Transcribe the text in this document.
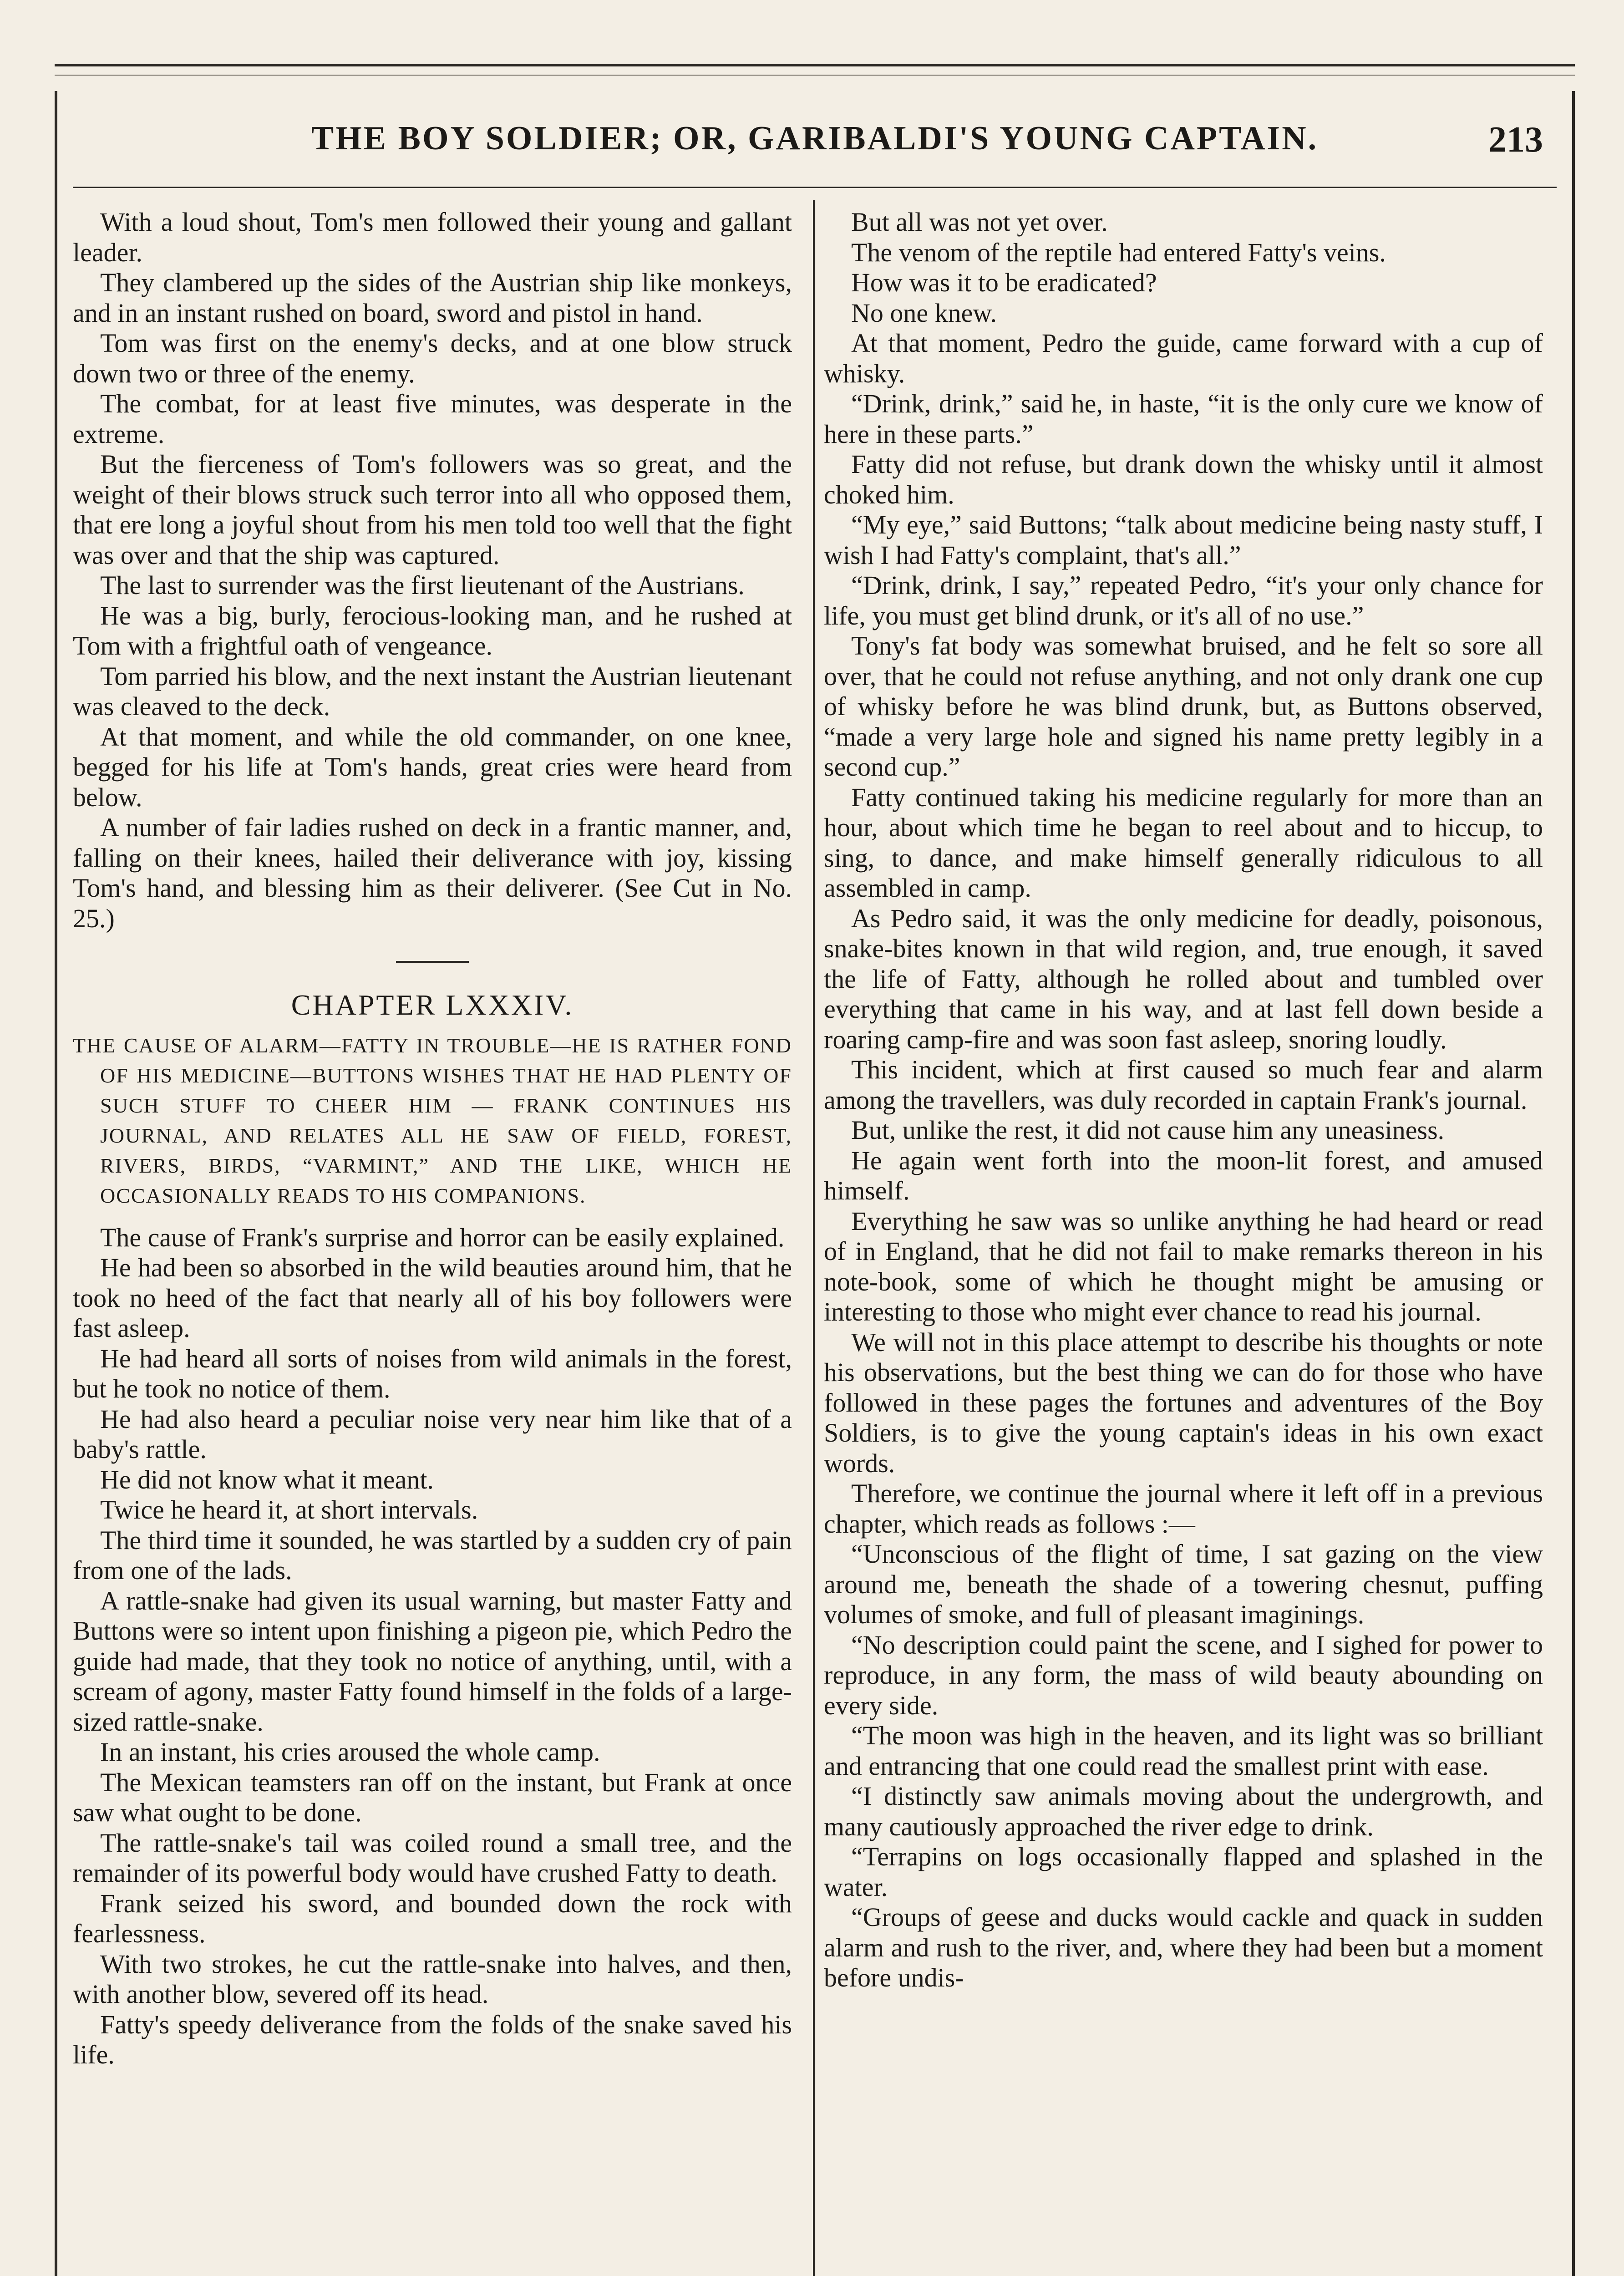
THE BOY SOLDIER; OR, GARIBALDI'S YOUNG CAPTAIN.	213

With a loud shout, Tom's men followed their young and gallant leader.

They clambered up the sides of the Austrian ship like monkeys, and in an instant rushed on board, sword and pistol in hand.

Tom was first on the enemy's decks, and at one blow struck down two or three of the enemy.

The combat, for at least five minutes, was desperate in the extreme.

But the fierceness of Tom's followers was so great, and the weight of their blows struck such terror into all who opposed them, that ere long a joyful shout from his men told too well that the fight was over and that the ship was captured.

The last to surrender was the first lieutenant of the Austrians.

He was a big, burly, ferocious-looking man, and he rushed at Tom with a frightful oath of vengeance.

Tom parried his blow, and the next instant the Austrian lieutenant was cleaved to the deck.

At that moment, and while the old commander, on one knee, begged for his life at Tom's hands, great cries were heard from below.

A number of fair ladies rushed on deck in a frantic manner, and, falling on their knees, hailed their deliverance with joy, kissing Tom's hand, and blessing him as their deliverer. (See Cut in No. 25.)

CHAPTER LXXXIV.
THE CAUSE OF ALARM—FATTY IN TROUBLE—HE IS RATHER FOND OF HIS MEDICINE—BUTTONS WISHES THAT HE HAD PLENTY OF SUCH STUFF TO CHEER HIM — FRANK CONTINUES HIS JOURNAL, AND RELATES ALL HE SAW OF FIELD, FOREST, RIVERS, BIRDS, “VARMINT,” AND THE LIKE, WHICH HE OCCASIONALLY READS TO HIS COMPANIONS.

The cause of Frank's surprise and horror can be easily explained.

He had been so absorbed in the wild beauties around him, that he took no heed of the fact that nearly all of his boy followers were fast asleep.

He had heard all sorts of noises from wild animals in the forest, but he took no notice of them.

He had also heard a peculiar noise very near him like that of a baby's rattle.

He did not know what it meant.

Twice he heard it, at short intervals.

The third time it sounded, he was startled by a sudden cry of pain from one of the lads.

A rattle-snake had given its usual warning, but master Fatty and Buttons were so intent upon finishing a pigeon pie, which Pedro the guide had made, that they took no notice of anything, until, with a scream of agony, master Fatty found himself in the folds of a large-sized rattle-snake.

In an instant, his cries aroused the whole camp.

The Mexican teamsters ran off on the instant, but Frank at once saw what ought to be done.

The rattle-snake's tail was coiled round a small tree, and the remainder of its powerful body would have crushed Fatty to death.

Frank seized his sword, and bounded down the rock with fearlessness.

With two strokes, he cut the rattle-snake into halves, and then, with another blow, severed off its head.

Fatty's speedy deliverance from the folds of the snake saved his life.

But all was not yet over.

The venom of the reptile had entered Fatty's veins.

How was it to be eradicated?

No one knew.

At that moment, Pedro the guide, came forward with a cup of whisky.

“Drink, drink,” said he, in haste, “it is the only cure we know of here in these parts.”

Fatty did not refuse, but drank down the whisky until it almost choked him.

“My eye,” said Buttons; “talk about medicine being nasty stuff, I wish I had Fatty's complaint, that's all.”

“Drink, drink, I say,” repeated Pedro, “it's your only chance for life, you must get blind drunk, or it's all of no use.”

Tony's fat body was somewhat bruised, and he felt so sore all over, that he could not refuse anything, and not only drank one cup of whisky before he was blind drunk, but, as Buttons observed, “made a very large hole and signed his name pretty legibly in a second cup.”

Fatty continued taking his medicine regularly for more than an hour, about which time he began to reel about and to hiccup, to sing, to dance, and make himself generally ridiculous to all assembled in camp.

As Pedro said, it was the only medicine for deadly, poisonous, snake-bites known in that wild region, and, true enough, it saved the life of Fatty, although he rolled about and tumbled over everything that came in his way, and at last fell down beside a roaring camp-fire and was soon fast asleep, snoring loudly.

This incident, which at first caused so much fear and alarm among the travellers, was duly recorded in captain Frank's journal.

But, unlike the rest, it did not cause him any uneasiness.

He again went forth into the moon-lit forest, and amused himself.

Everything he saw was so unlike anything he had heard or read of in England, that he did not fail to make remarks thereon in his note-book, some of which he thought might be amusing or interesting to those who might ever chance to read his journal.

We will not in this place attempt to describe his thoughts or note his observations, but the best thing we can do for those who have followed in these pages the fortunes and adventures of the Boy Soldiers, is to give the young captain's ideas in his own exact words.

Therefore, we continue the journal where it left off in a previous chapter, which reads as follows :—

“Unconscious of the flight of time, I sat gazing on the view around me, beneath the shade of a towering chesnut, puffing volumes of smoke, and full of pleasant imaginings.

“No description could paint the scene, and I sighed for power to reproduce, in any form, the mass of wild beauty abounding on every side.

“The moon was high in the heaven, and its light was so brilliant and entrancing that one could read the smallest print with ease.

“I distinctly saw animals moving about the undergrowth, and many cautiously approached the river edge to drink.

“Terrapins on logs occasionally flapped and splashed in the water.

“Groups of geese and ducks would cackle and quack in sudden alarm and rush to the river, and, where they had been but a moment before undis-
